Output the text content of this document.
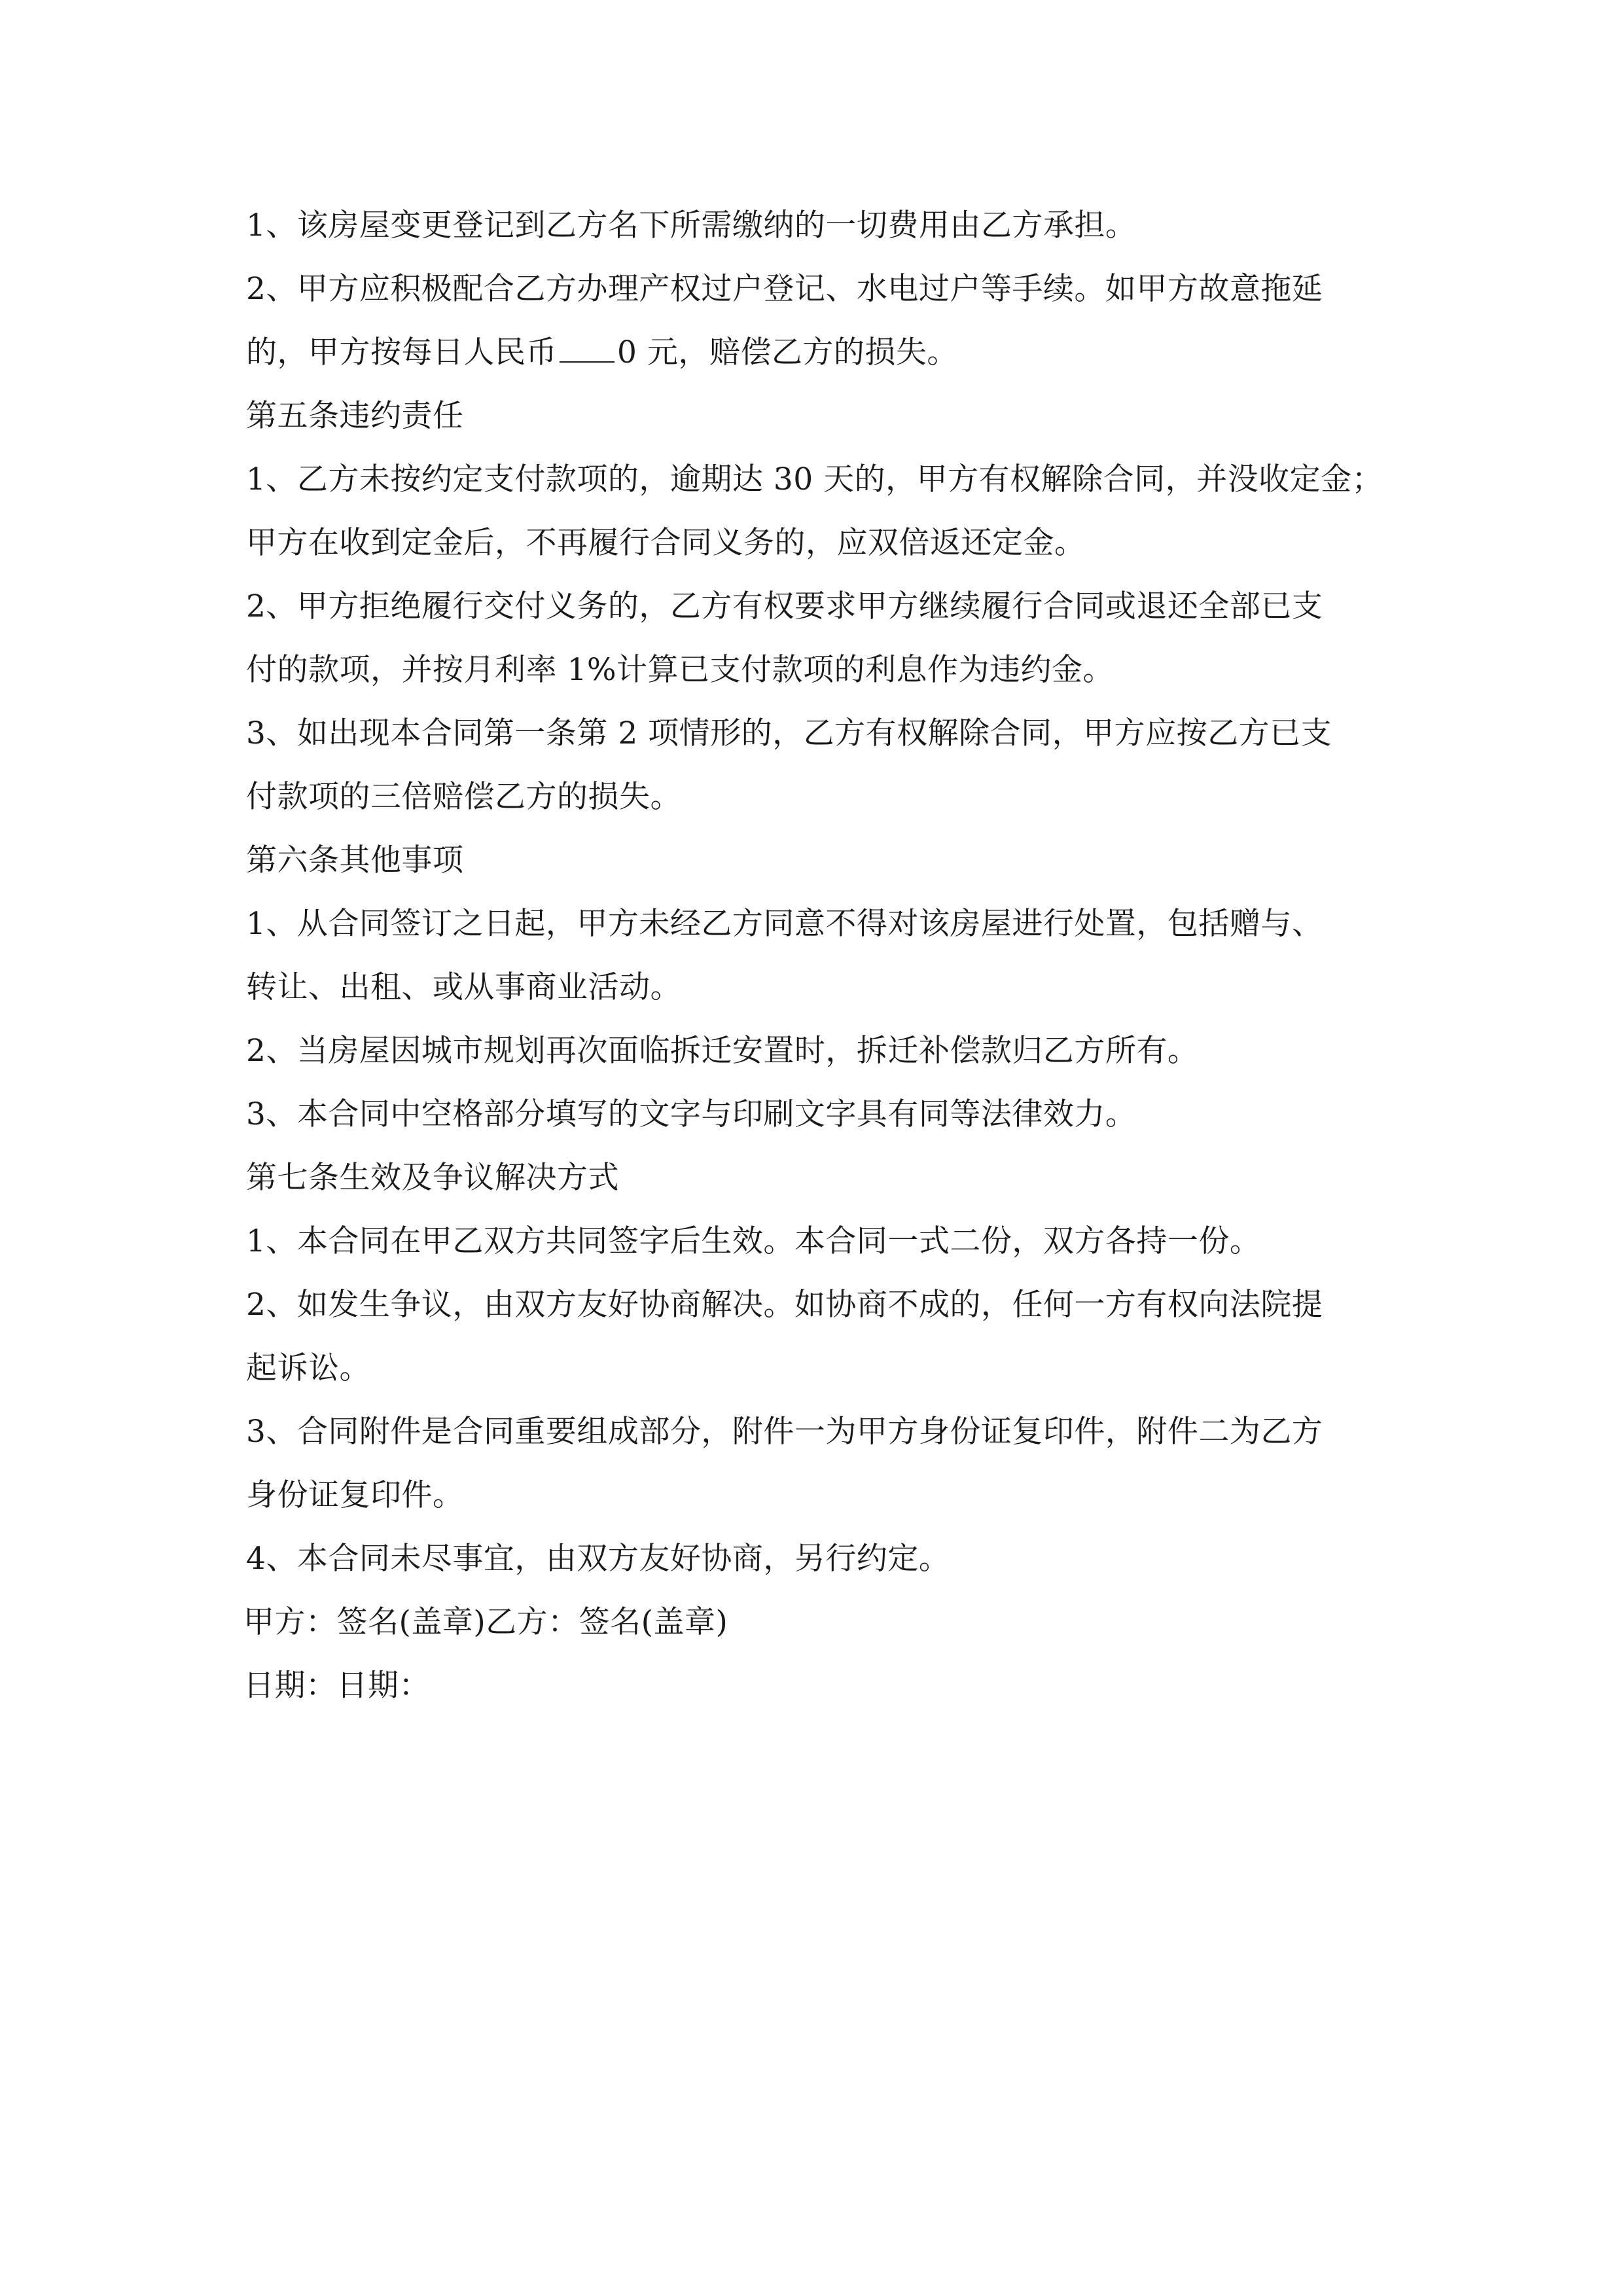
1、该房屋变更登记到乙方名下所需缴纳的一切费用由乙方承担。
2、甲方应积极配合乙方办理产权过户登记、水电过户等手续。如甲方故意拖延
的，甲方按每日人民币 0 元，赔偿乙方的损失。
第五条违约责任
1、乙方未按约定支付款项的，逾期达 30 天的，甲方有权解除合同，并没收定金；
甲方在收到定金后，不再履行合同义务的，应双倍返还定金。
2、甲方拒绝履行交付义务的，乙方有权要求甲方继续履行合同或退还全部已支
付的款项，并按月利率 1%计算已支付款项的利息作为违约金。
3、如出现本合同第一条第 2 项情形的，乙方有权解除合同，甲方应按乙方已支
付款项的三倍赔偿乙方的损失。
第六条其他事项
1、从合同签订之日起，甲方未经乙方同意不得对该房屋进行处置，包括赠与、
转让、出租、或从事商业活动。
2、当房屋因城市规划再次面临拆迁安置时，拆迁补偿款归乙方所有。
3、本合同中空格部分填写的文字与印刷文字具有同等法律效力。
第七条生效及争议解决方式
1、本合同在甲乙双方共同签字后生效。本合同一式二份，双方各持一份。
2、如发生争议，由双方友好协商解决。如协商不成的，任何一方有权向法院提
起诉讼。
3、合同附件是合同重要组成部分，附件一为甲方身份证复印件，附件二为乙方
身份证复印件。
4、本合同未尽事宜，由双方友好协商，另行约定。
甲方：签名(盖章)乙方：签名(盖章)
日期：日期：
